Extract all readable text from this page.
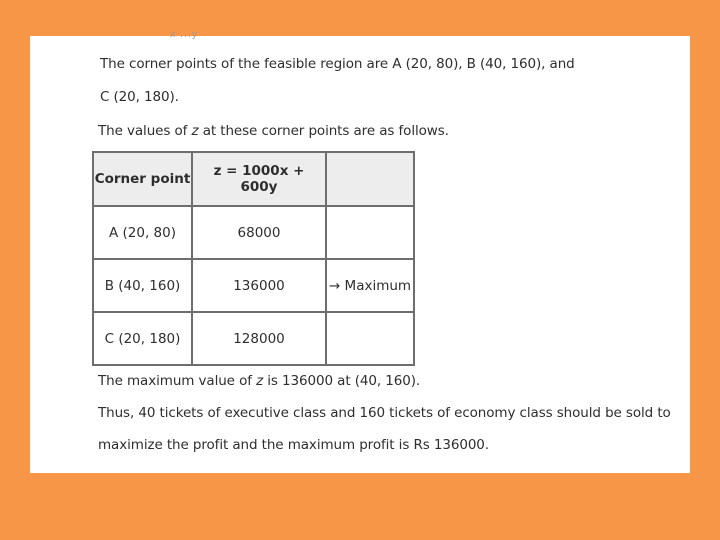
x ...y
The corner points of the feasible region are A (20, 80), B (40, 160), and
C (20, 180).
The values of z at these corner points are as follows.
Corner point	z = 1000x + 600y	
A (20, 80)	68000	
B (40, 160)	136000	→ Maximum
C (20, 180)	128000	
The maximum value of z is 136000 at (40, 160).
Thus, 40 tickets of executive class and 160 tickets of economy class should be sold to
maximize the profit and the maximum profit is Rs 136000.
